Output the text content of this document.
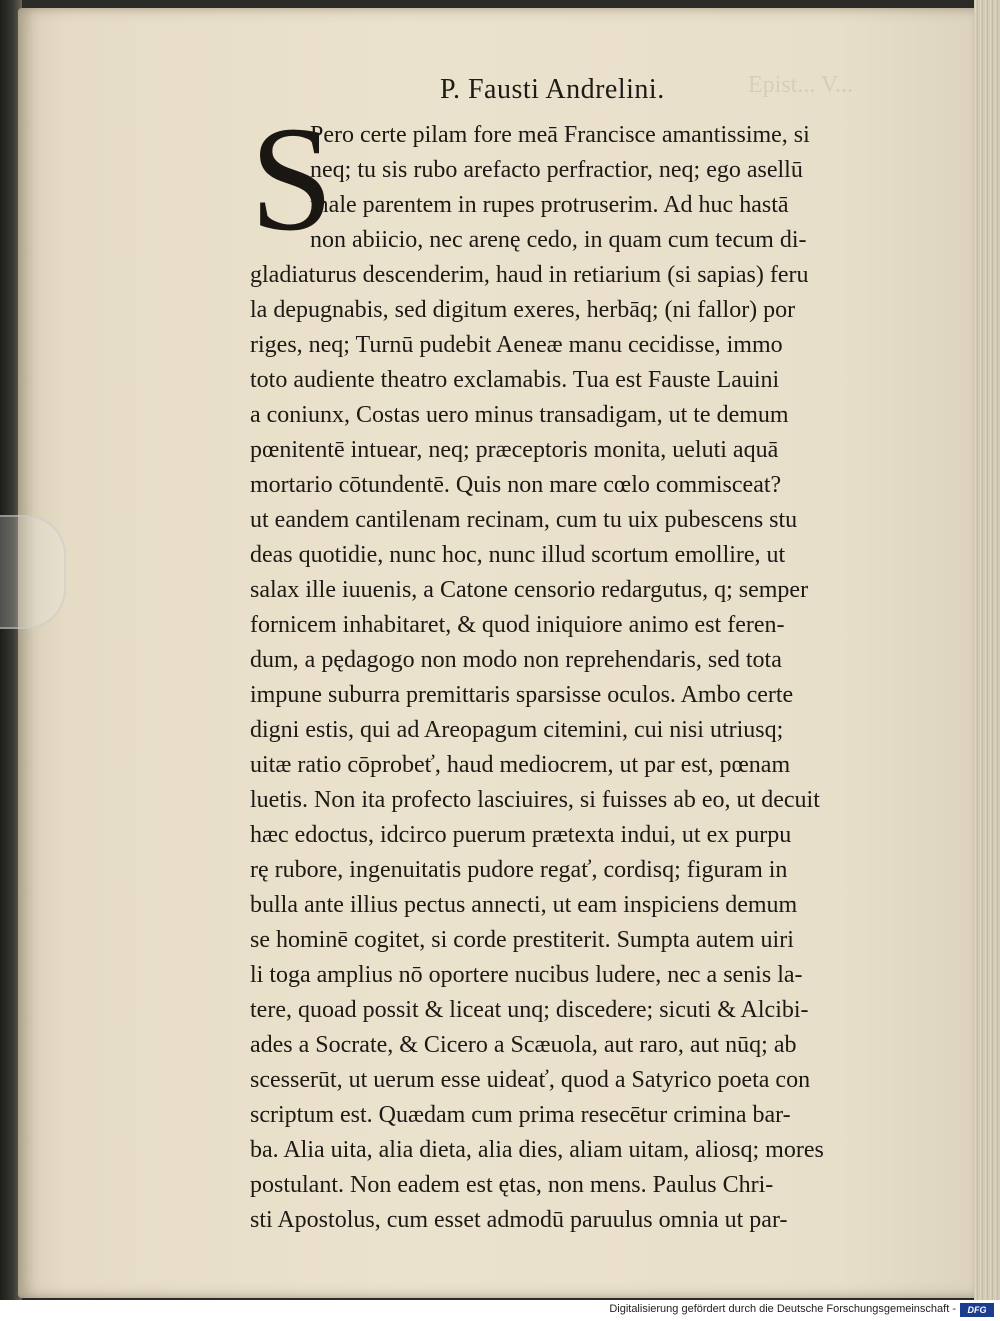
Epist... V...
P. Fausti Andrelini.
S
Pero certe pilam fore meā Francisce amantissime, si
neq; tu sis rubo arefacto perfractior, neq; ego asellū
male parentem in rupes protruserim. Ad huc hastā
non abiicio, nec arenę cedo, in quam cum tecum di-
gladiaturus descenderim, haud in retiarium (si sapias) feru
la depugnabis, sed digitum exeres, herbāq; (ni fallor) por
riges, neq; Turnū pudebit Aeneæ manu cecidisse, immo
toto audiente theatro exclamabis. Tua est Fauste Lauini
a coniunx, Costas uero minus transadigam, ut te demum
pœnitentē intuear, neq; præceptoris monita, ueluti aquā
mortario cōtundentē. Quis non mare cœlo commisceat?
ut eandem cantilenam recinam, cum tu uix pubescens stu
deas quotidie, nunc hoc, nunc illud scortum emollire, ut
salax ille iuuenis, a Catone censorio redargutus, q; semper
fornicem inhabitaret, & quod iniquiore animo est feren-
dum, a pędagogo non modo non reprehendaris, sed tota
impune suburra premittaris sparsisse oculos. Ambo certe
digni estis, qui ad Areopagum citemini, cui nisi utriusq;
uitæ ratio cōprobeť, haud mediocrem, ut par est, pœnam
luetis. Non ita profecto lasciuires, si fuisses ab eo, ut decuit
hæc edoctus, idcirco puerum prætexta indui, ut ex purpu
rę rubore, ingenuitatis pudore regať, cordisq; figuram in
bulla ante illius pectus annecti, ut eam inspiciens demum
se hominē cogitet, si corde prestiterit. Sumpta autem uiri
li toga amplius nō oportere nucibus ludere, nec a senis la-
tere, quoad possit & liceat unq; discedere; sicuti & Alcibi-
ades a Socrate, & Cicero a Scæuola, aut raro, aut nūq; ab
scesserūt, ut uerum esse uideať, quod a Satyrico poeta con
scriptum est. Quædam cum prima resecētur crimina bar-
ba. Alia uita, alia dieta, alia dies, aliam uitam, aliosq; mores
postulant. Non eadem est ętas, non mens. Paulus Chri-
sti Apostolus, cum esset admodū paruulus omnia ut par-
Digitalisierung gefördert durch die Deutsche Forschungsgemeinschaft -	DFG
